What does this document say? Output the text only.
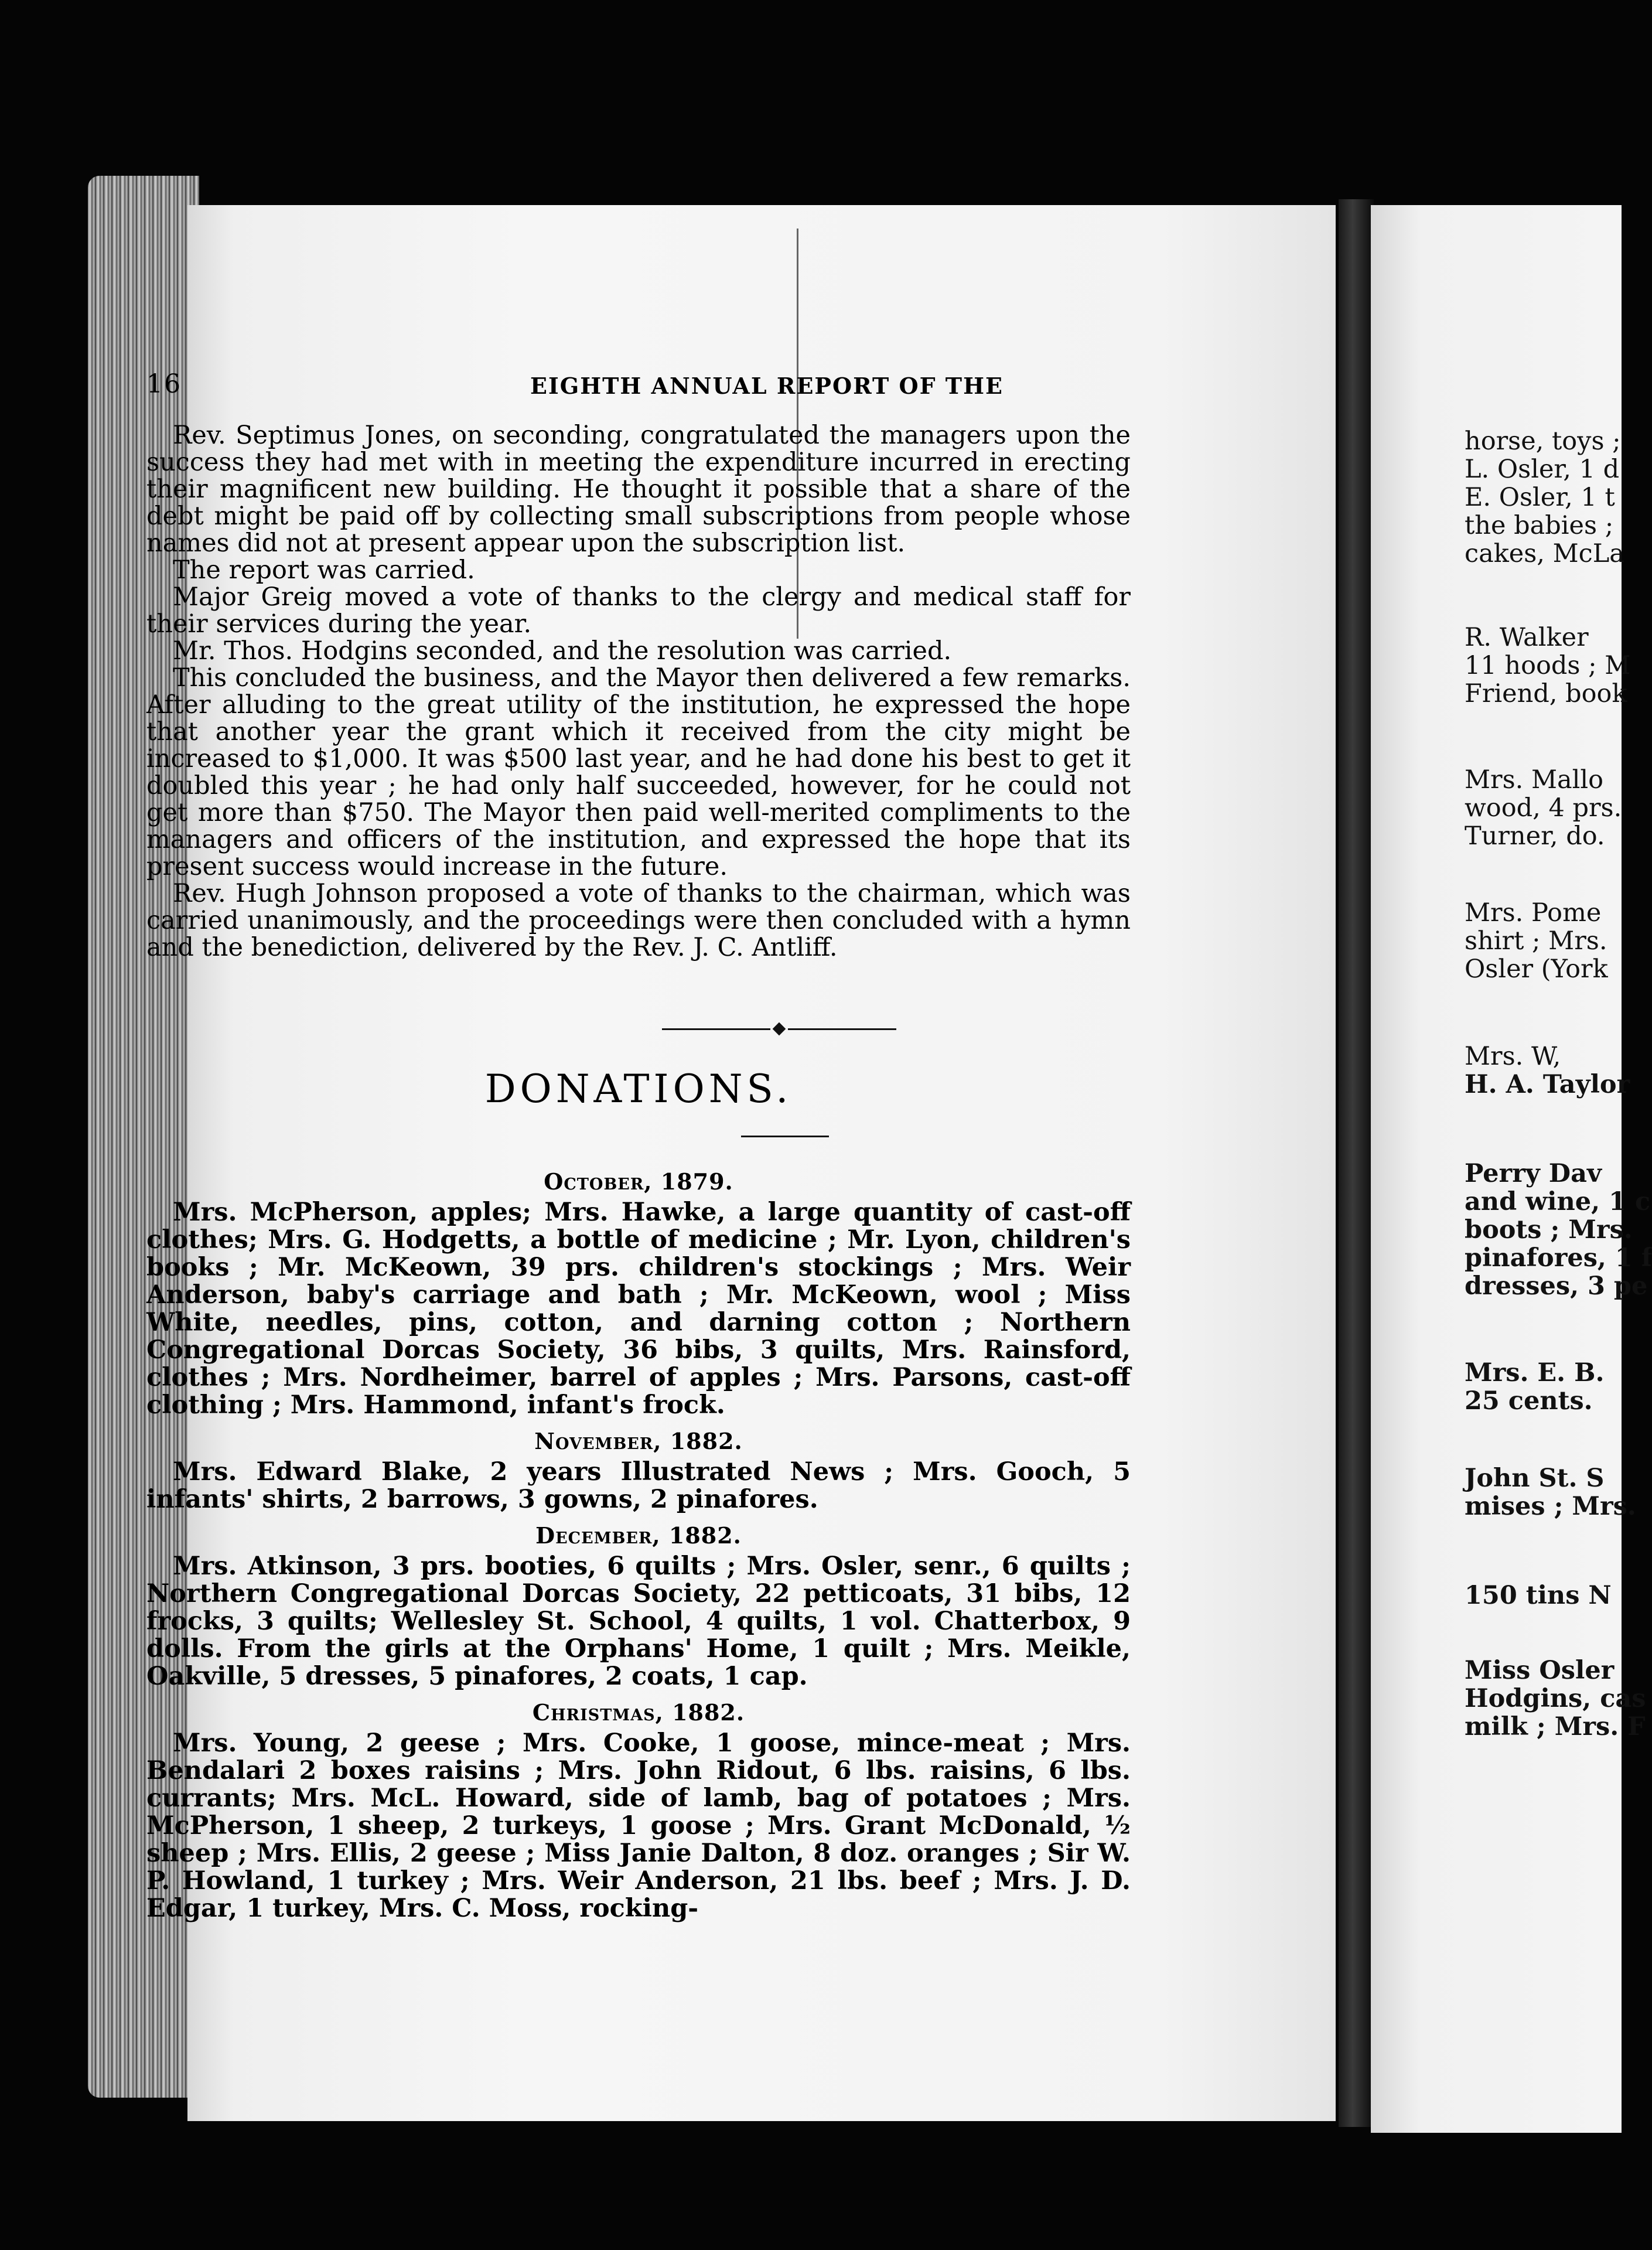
16	EIGHTH ANNUAL REPORT OF THE

Rev. Septimus Jones, on seconding, congratulated the managers upon the success they had met with in meeting the expenditure incurred in erecting their magnificent new building. He thought it possible that a share of the debt might be paid off by collecting small subscriptions from people whose names did not at present appear upon the subscription list.

The report was carried.

Major Greig moved a vote of thanks to the clergy and medical staff for their services during the year.

Mr. Thos. Hodgins seconded, and the resolution was carried.

This concluded the business, and the Mayor then delivered a few remarks. After alluding to the great utility of the institution, he expressed the hope that another year the grant which it received from the city might be increased to $1,000. It was $500 last year, and he had done his best to get it doubled this year ; he had only half succeeded, however, for he could not get more than $750. The Mayor then paid well-merited compliments to the managers and officers of the institution, and expressed the hope that its present success would increase in the future.

Rev. Hugh Johnson proposed a vote of thanks to the chairman, which was carried unanimously, and the proceedings were then concluded with a hymn and the benediction, delivered by the Rev. J. C. Antliff.

DONATIONS.
October, 1879.

Mrs. McPherson, apples; Mrs. Hawke, a large quantity of cast-off clothes; Mrs. G. Hodgetts, a bottle of medicine ; Mr. Lyon, children's books ; Mr. McKeown, 39 prs. children's stockings ; Mrs. Weir Anderson, baby's carriage and bath ; Mr. McKeown, wool ; Miss White, needles, pins, cotton, and darning cotton ; Northern Congregational Dorcas Society, 36 bibs, 3 quilts, Mrs. Rainsford, clothes ; Mrs. Nordheimer, barrel of apples ; Mrs. Parsons, cast-off clothing ; Mrs. Hammond, infant's frock.

November, 1882.

Mrs. Edward Blake, 2 years Illustrated News ; Mrs. Gooch, 5 infants' shirts, 2 barrows, 3 gowns, 2 pinafores.

December, 1882.

Mrs. Atkinson, 3 prs. booties, 6 quilts ; Mrs. Osler, senr., 6 quilts ; Northern Congregational Dorcas Society, 22 petticoats, 31 bibs, 12 frocks, 3 quilts; Wellesley St. School, 4 quilts, 1 vol. Chatterbox, 9 dolls. From the girls at the Orphans' Home, 1 quilt ; Mrs. Meikle, Oakville, 5 dresses, 5 pinafores, 2 coats, 1 cap.

Christmas, 1882.

Mrs. Young, 2 geese ; Mrs. Cooke, 1 goose, mince-meat ; Mrs. Bendalari 2 boxes raisins ; Mrs. John Ridout, 6 lbs. raisins, 6 lbs. currants; Mrs. McL. Howard, side of lamb, bag of potatoes ; Mrs. McPherson, 1 sheep, 2 turkeys, 1 goose ; Mrs. Grant McDonald, ½ sheep ; Mrs. Ellis, 2 geese ; Miss Janie Dalton, 8 doz. oranges ; Sir W. P. Howland, 1 turkey ; Mrs. Weir Anderson, 21 lbs. beef ; Mrs. J. D. Edgar, 1 turkey, Mrs. C. Moss, rocking-

horse, toys ;
L. Osler, 1 d
E. Osler, 1 t
the babies ;
cakes, McLa
R. Walker
11 hoods ; M
Friend, book
Mrs. Mallo
wood, 4 prs.
Turner, do.
Mrs. Pome
shirt ; Mrs.
Osler (York
Mrs. W,
H. A. Taylor
Perry Dav
and wine, 1 c
boots ; Mrs.
pinafores, 1 f
dresses, 3 pe
Mrs. E. B.
25 cents.
John St. S
mises ; Mrs.
150 tins N
Miss Osler
Hodgins, cas
milk ; Mrs. F
